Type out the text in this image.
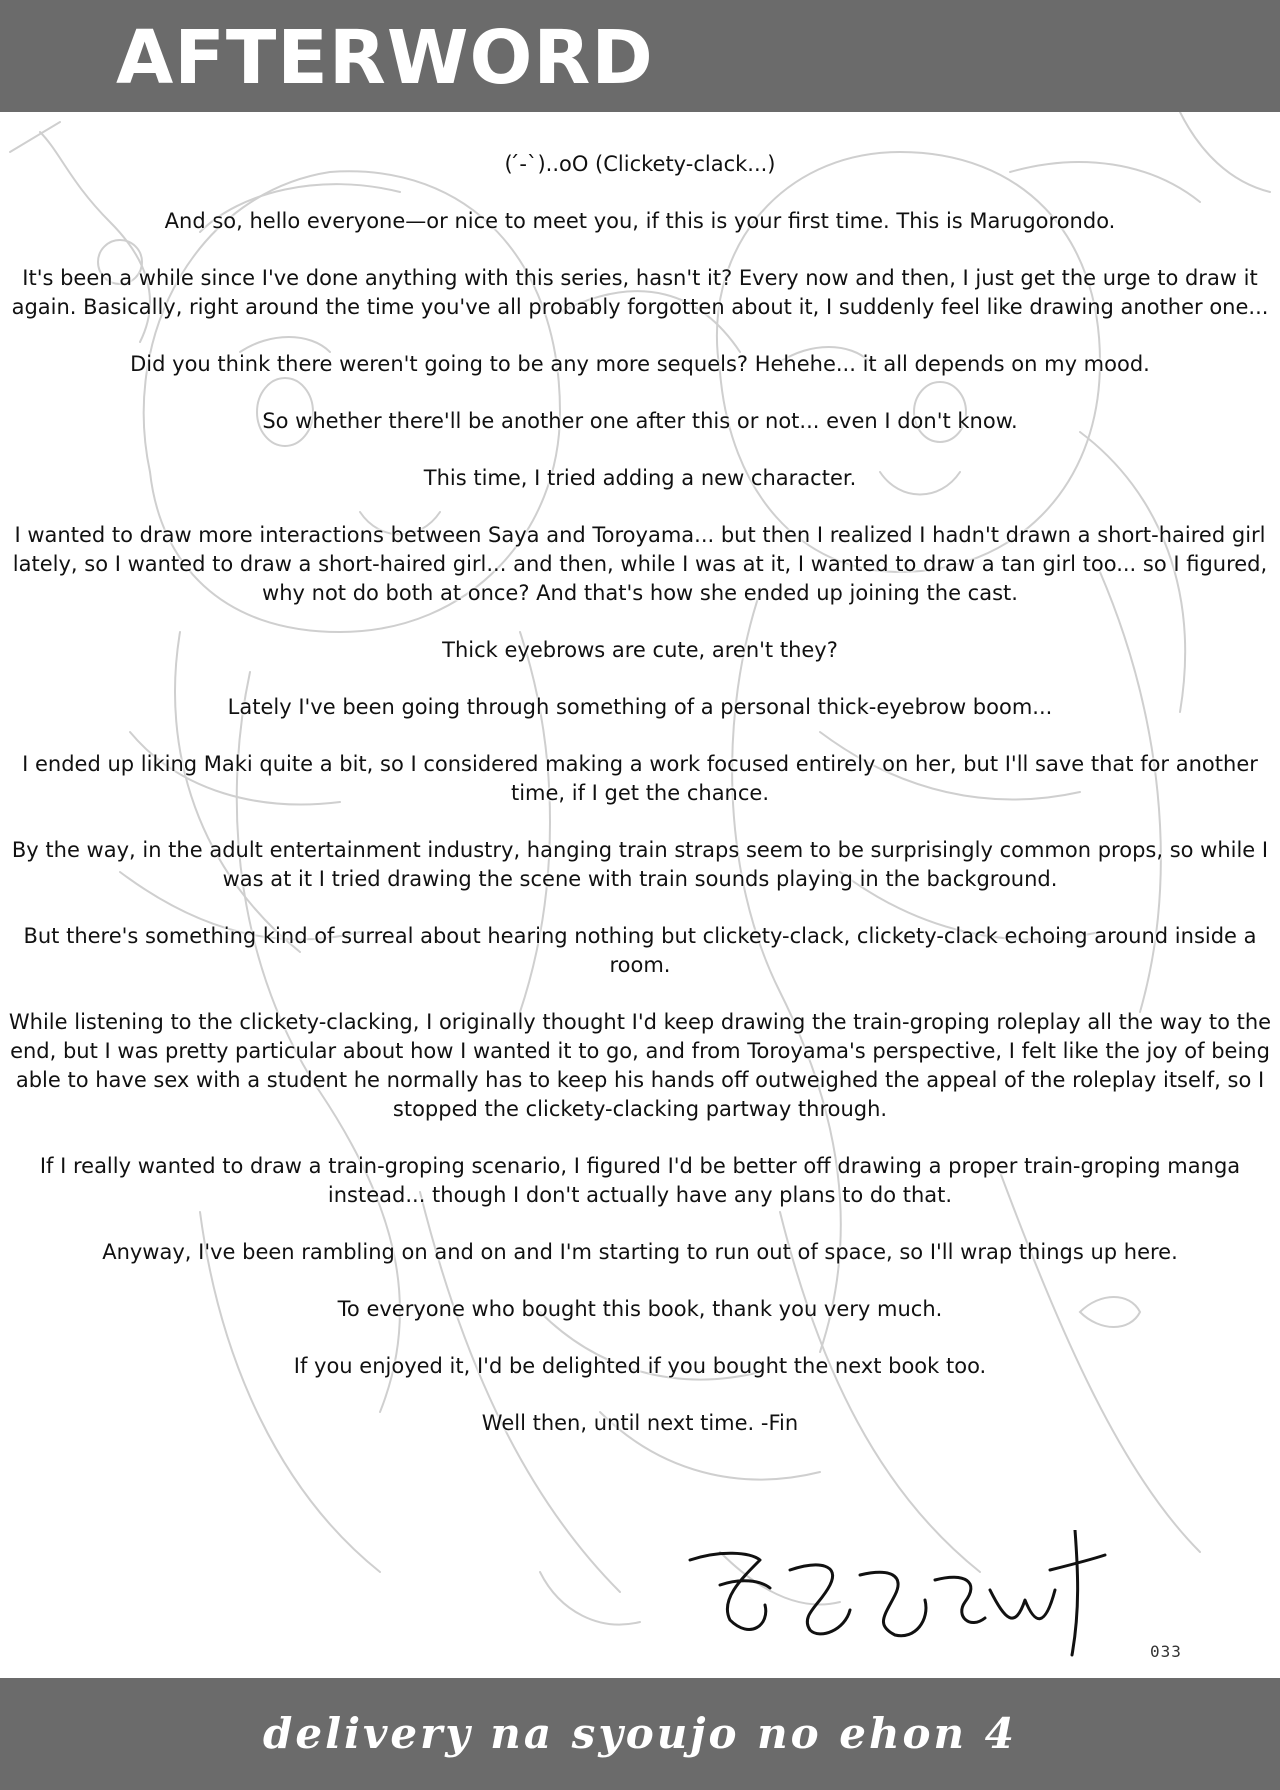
AFTERWORD

( ́-`)..oO (Clickety-clack...)

And so, hello everyone—or nice to meet you, if this is your first time. This is Marugorondo.

It's been a while since I've done anything with this series, hasn't it? Every now and then, I just get the urge to draw it again. Basically, right around the time you've all probably forgotten about it, I suddenly feel like drawing another one...

Did you think there weren't going to be any more sequels? Hehehe... it all depends on my mood.

So whether there'll be another one after this or not... even I don't know.

This time, I tried adding a new character.

I wanted to draw more interactions between Saya and Toroyama... but then I realized I hadn't drawn a short-haired girl lately, so I wanted to draw a short-haired girl... and then, while I was at it, I wanted to draw a tan girl too... so I figured, why not do both at once? And that's how she ended up joining the cast.

Thick eyebrows are cute, aren't they?

Lately I've been going through something of a personal thick-eyebrow boom...

I ended up liking Maki quite a bit, so I considered making a work focused entirely on her, but I'll save that for another time, if I get the chance.

By the way, in the adult entertainment industry, hanging train straps seem to be surprisingly common props, so while I was at it I tried drawing the scene with train sounds playing in the background.

But there's something kind of surreal about hearing nothing but clickety-clack, clickety-clack echoing around inside a room.

While listening to the clickety-clacking, I originally thought I'd keep drawing the train-groping roleplay all the way to the end, but I was pretty particular about how I wanted it to go, and from Toroyama's perspective, I felt like the joy of being able to have sex with a student he normally has to keep his hands off outweighed the appeal of the roleplay itself, so I stopped the clickety-clacking partway through.

If I really wanted to draw a train-groping scenario, I figured I'd be better off drawing a proper train-groping manga instead... though I don't actually have any plans to do that.

Anyway, I've been rambling on and on and I'm starting to run out of space, so I'll wrap things up here.

To everyone who bought this book, thank you very much.

If you enjoyed it, I'd be delighted if you bought the next book too.

Well then, until next time. -Fin

033
delivery na syoujo no ehon 4
